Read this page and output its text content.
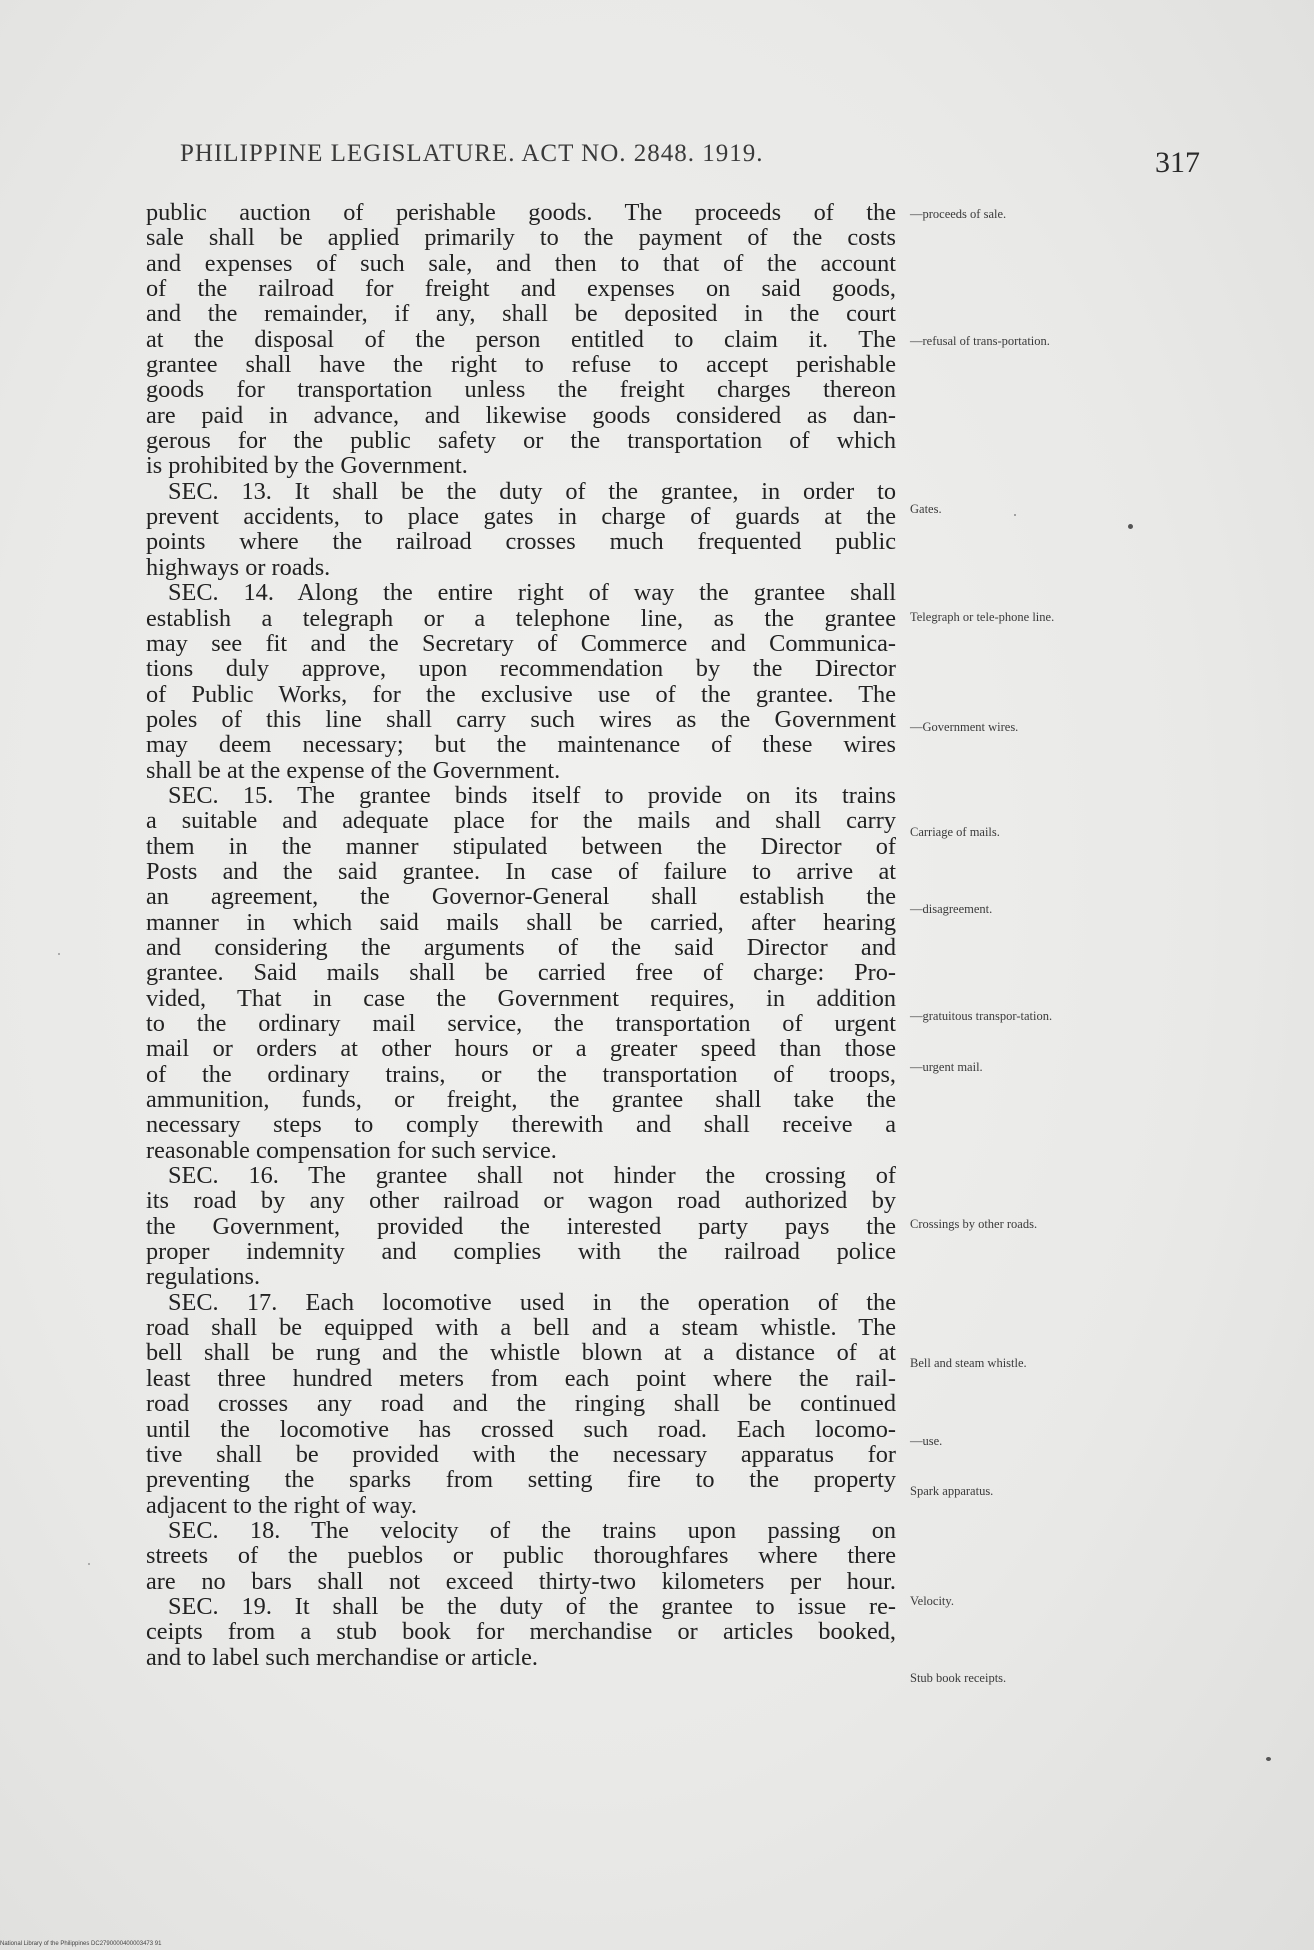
PHILIPPINE LEGISLATURE. ACT NO. 2848. 1919.	317
public auction of perishable goods. The proceeds of the
sale shall be applied primarily to the payment of the costs
and expenses of such sale, and then to that of the account
of the railroad for freight and expenses on said goods,
and the remainder, if any, shall be deposited in the court
at the disposal of the person entitled to claim it. The
grantee shall have the right to refuse to accept perishable
goods for transportation unless the freight charges thereon
are paid in advance, and likewise goods considered as dan-
gerous for the public safety or the transportation of which
is prohibited by the Government.
SEC. 13. It shall be the duty of the grantee, in order to
prevent accidents, to place gates in charge of guards at the
points where the railroad crosses much frequented public
highways or roads.
SEC. 14. Along the entire right of way the grantee shall
establish a telegraph or a telephone line, as the grantee
may see fit and the Secretary of Commerce and Communica-
tions duly approve, upon recommendation by the Director
of Public Works, for the exclusive use of the grantee. The
poles of this line shall carry such wires as the Government
may deem necessary; but the maintenance of these wires
shall be at the expense of the Government.
SEC. 15. The grantee binds itself to provide on its trains
a suitable and adequate place for the mails and shall carry
them in the manner stipulated between the Director of
Posts and the said grantee. In case of failure to arrive at
an agreement, the Governor-General shall establish the
manner in which said mails shall be carried, after hearing
and considering the arguments of the said Director and
grantee. Said mails shall be carried free of charge: Pro-
vided, That in case the Government requires, in addition
to the ordinary mail service, the transportation of urgent
mail or orders at other hours or a greater speed than those
of the ordinary trains, or the transportation of troops,
ammunition, funds, or freight, the grantee shall take the
necessary steps to comply therewith and shall receive a
reasonable compensation for such service.
SEC. 16. The grantee shall not hinder the crossing of
its road by any other railroad or wagon road authorized by
the Government, provided the interested party pays the
proper indemnity and complies with the railroad police
regulations.
SEC. 17. Each locomotive used in the operation of the
road shall be equipped with a bell and a steam whistle. The
bell shall be rung and the whistle blown at a distance of at
least three hundred meters from each point where the rail-
road crosses any road and the ringing shall be continued
until the locomotive has crossed such road. Each locomo-
tive shall be provided with the necessary apparatus for
preventing the sparks from setting fire to the property
adjacent to the right of way.
SEC. 18. The velocity of the trains upon passing on
streets of the pueblos or public thoroughfares where there
are no bars shall not exceed thirty-two kilometers per hour.
SEC. 19. It shall be the duty of the grantee to issue re-
ceipts from a stub book for merchandise or articles booked,
and to label such merchandise or article.
—proceeds of sale.
—refusal of trans-portation.
Gates.
Telegraph or tele-phone line.
—Government wires.
Carriage of mails.
—disagreement.
—gratuitous transpor-tation.
—urgent mail.
Crossings by other roads.
Bell and steam whistle.
—use.
Spark apparatus.
Velocity.
Stub book receipts.
National Library of the Philippines DC2790000400003473 91
